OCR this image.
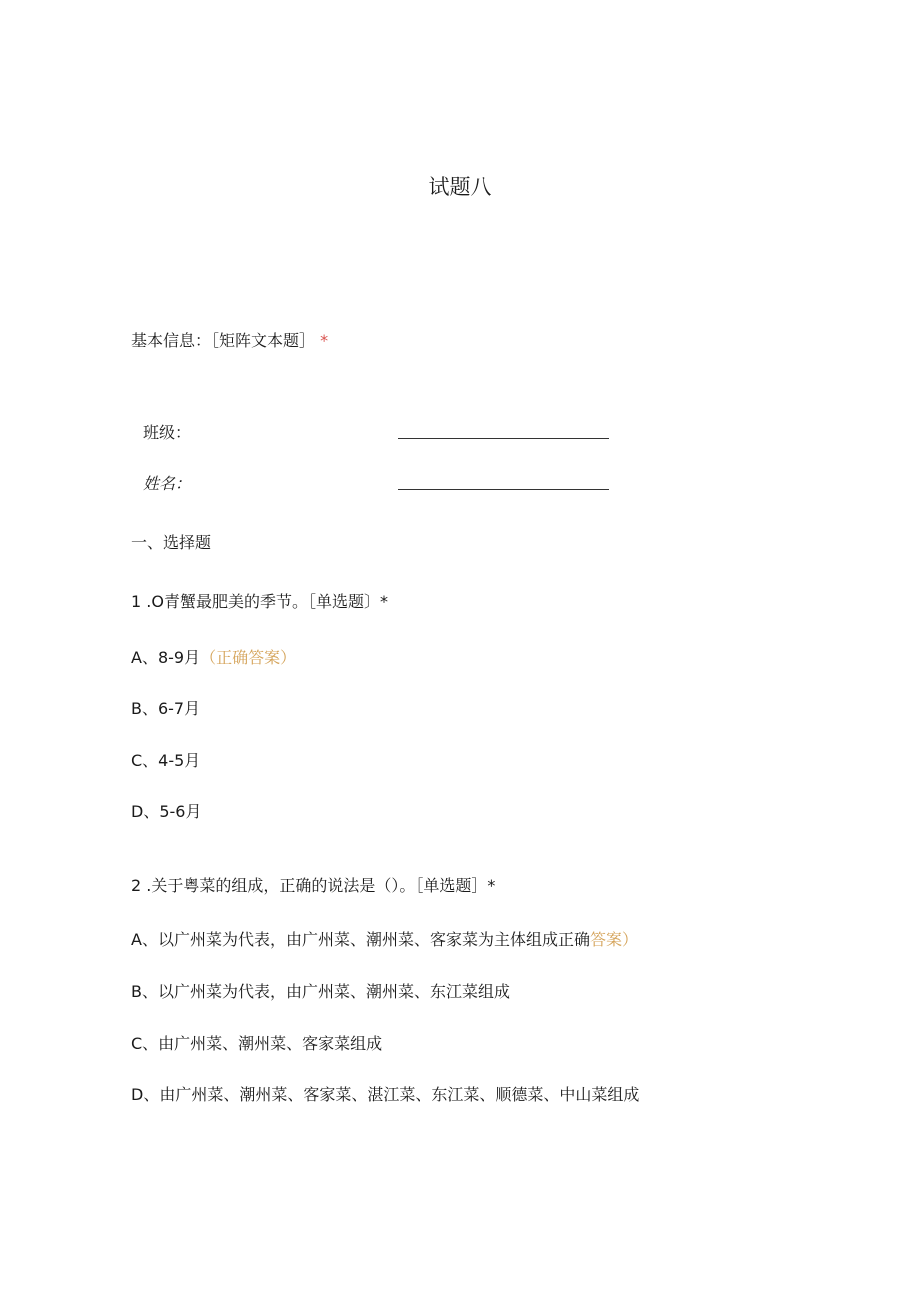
试题八
基本信息：［矩阵文本题］ *
班级：
姓名：
一、选择题
1 .O青蟹最肥美的季节。［单选题〕*
A、8-9月（正确答案）
B、6-7月
C、4-5月
D、5-6月
2 .关于粤菜的组成，正确的说法是（）。［单选题］*
A、以广州菜为代表，由广州菜、潮州菜、客家菜为主体组成正确答案）
B、以广州菜为代表，由广州菜、潮州菜、东江菜组成
C、由广州菜、潮州菜、客家菜组成
D、由广州菜、潮州菜、客家菜、湛江菜、东江菜、顺德菜、中山菜组成
